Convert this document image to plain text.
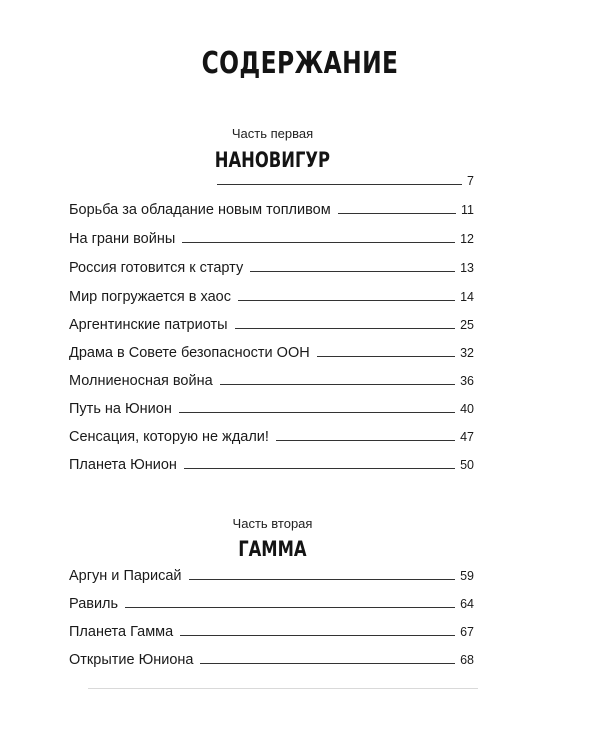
СОДЕРЖАНИЕ
Часть первая
НАНОВИГУР
7
Борьба за обладание новым топливом	11
На грани войны	12
Россия готовится к старту	13
Мир погружается в хаос	14
Аргентинские патриоты	25
Драма в Совете безопасности ООН	32
Молниеносная война	36
Путь на Юнион	40
Сенсация, которую не ждали!	47
Планета Юнион	50
Часть вторая
ГАММА
Аргун и Парисай	59
Равиль	64
Планета Гамма	67
Открытие Юниона	68
